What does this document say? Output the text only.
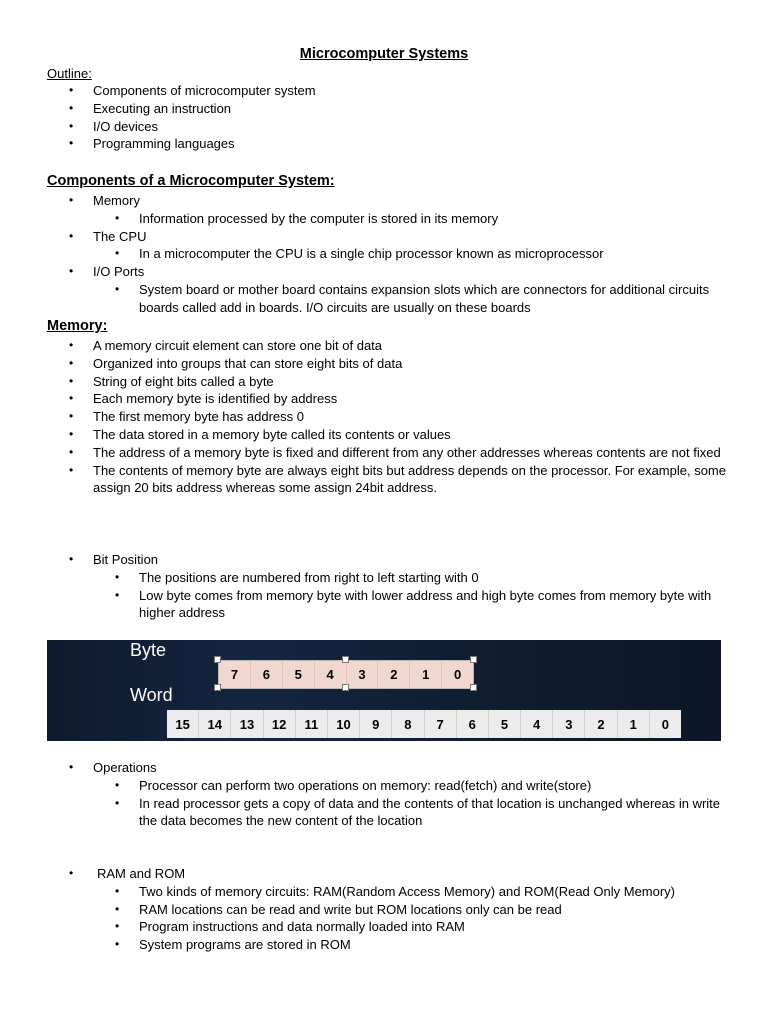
Microcomputer Systems
Outline:
• Components of microcomputer system
• Executing an instruction
• I/O devices
• Programming languages
Components of a Microcomputer System:
• Memory
• Information processed by the computer is stored in its memory
• The CPU
• In a microcomputer the CPU is a single chip processor known as microprocessor
• I/O Ports
• System board or mother board contains expansion slots which are connectors for additional circuits boards called add in boards. I/O circuits are usually on these boards
Memory:
• A memory circuit element can store one bit of data
• Organized into groups that can store eight bits of data
• String of eight bits called a byte
• Each memory byte is identified by address
• The first memory byte has address 0
• The data stored in a memory byte called its contents or values
• The address of a memory byte is fixed and different from any other addresses whereas contents are not fixed
• The contents of memory byte are always eight bits but address depends on the processor. For example, some assign 20 bits address whereas some assign 24bit address.
• Bit Position
• The positions are numbered from right to left starting with 0
• Low byte comes from memory byte with lower address and high byte comes from memory byte with higher address
Byte
Word
7	6	5	4	3	2	1	0
15	14	13	12	11	10	9	8	7	6	5	4	3	2	1	0
• Operations
• Processor can perform two operations on memory: read(fetch) and write(store)
• In read processor gets a copy of data and the contents of that location is unchanged whereas in write the data becomes the new content of the location
• RAM and ROM
• Two kinds of memory circuits: RAM(Random Access Memory) and ROM(Read Only Memory)
• RAM locations can be read and write but ROM locations only can be read
• Program instructions and data normally loaded into RAM
• System programs are stored in ROM
